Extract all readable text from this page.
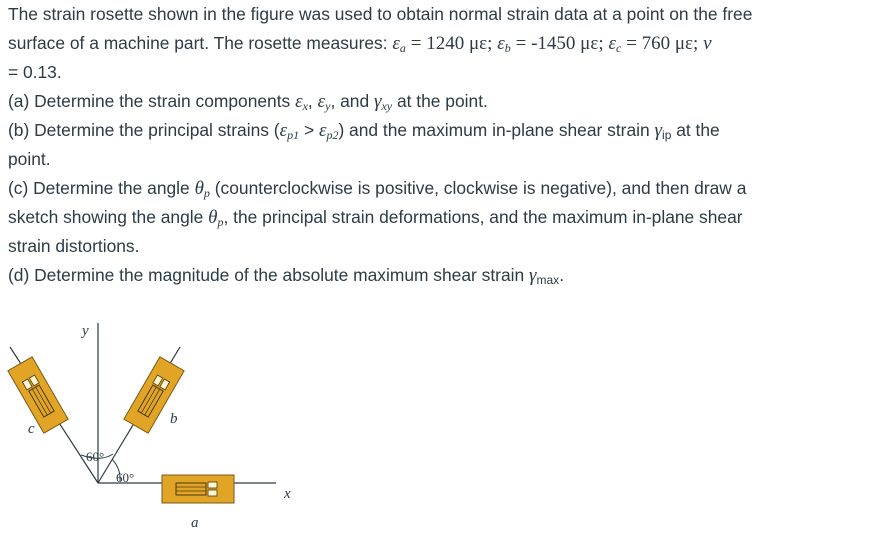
The strain rosette shown in the figure was used to obtain normal strain data at a point on the free

surface of a machine part. The rosette measures: $\varepsilon_a = 1240$ με; $\varepsilon_b = -1450$ με; $\varepsilon_c = 760$ με; ν

= 0.13.

(a) Determine the strain components $\varepsilon_x$, $\varepsilon_y$, and $\gamma_{xy}$ at the point.

(b) Determine the principal strains $(\varepsilon_{p1} > \varepsilon_{p2})$ and the maximum in-plane shear strain $\gamma_{ip}$ at the

point.

(c) Determine the angle $\theta_p$ (counterclockwise is positive, clockwise is negative), and then draw a

sketch showing the angle $\theta_p$, the principal strain deformations, and the maximum in-plane shear

strain distortions.

(d) Determine the magnitude of the absolute maximum shear strain $\gamma_{max}$.

y
x
a
b
c
60°
60°
